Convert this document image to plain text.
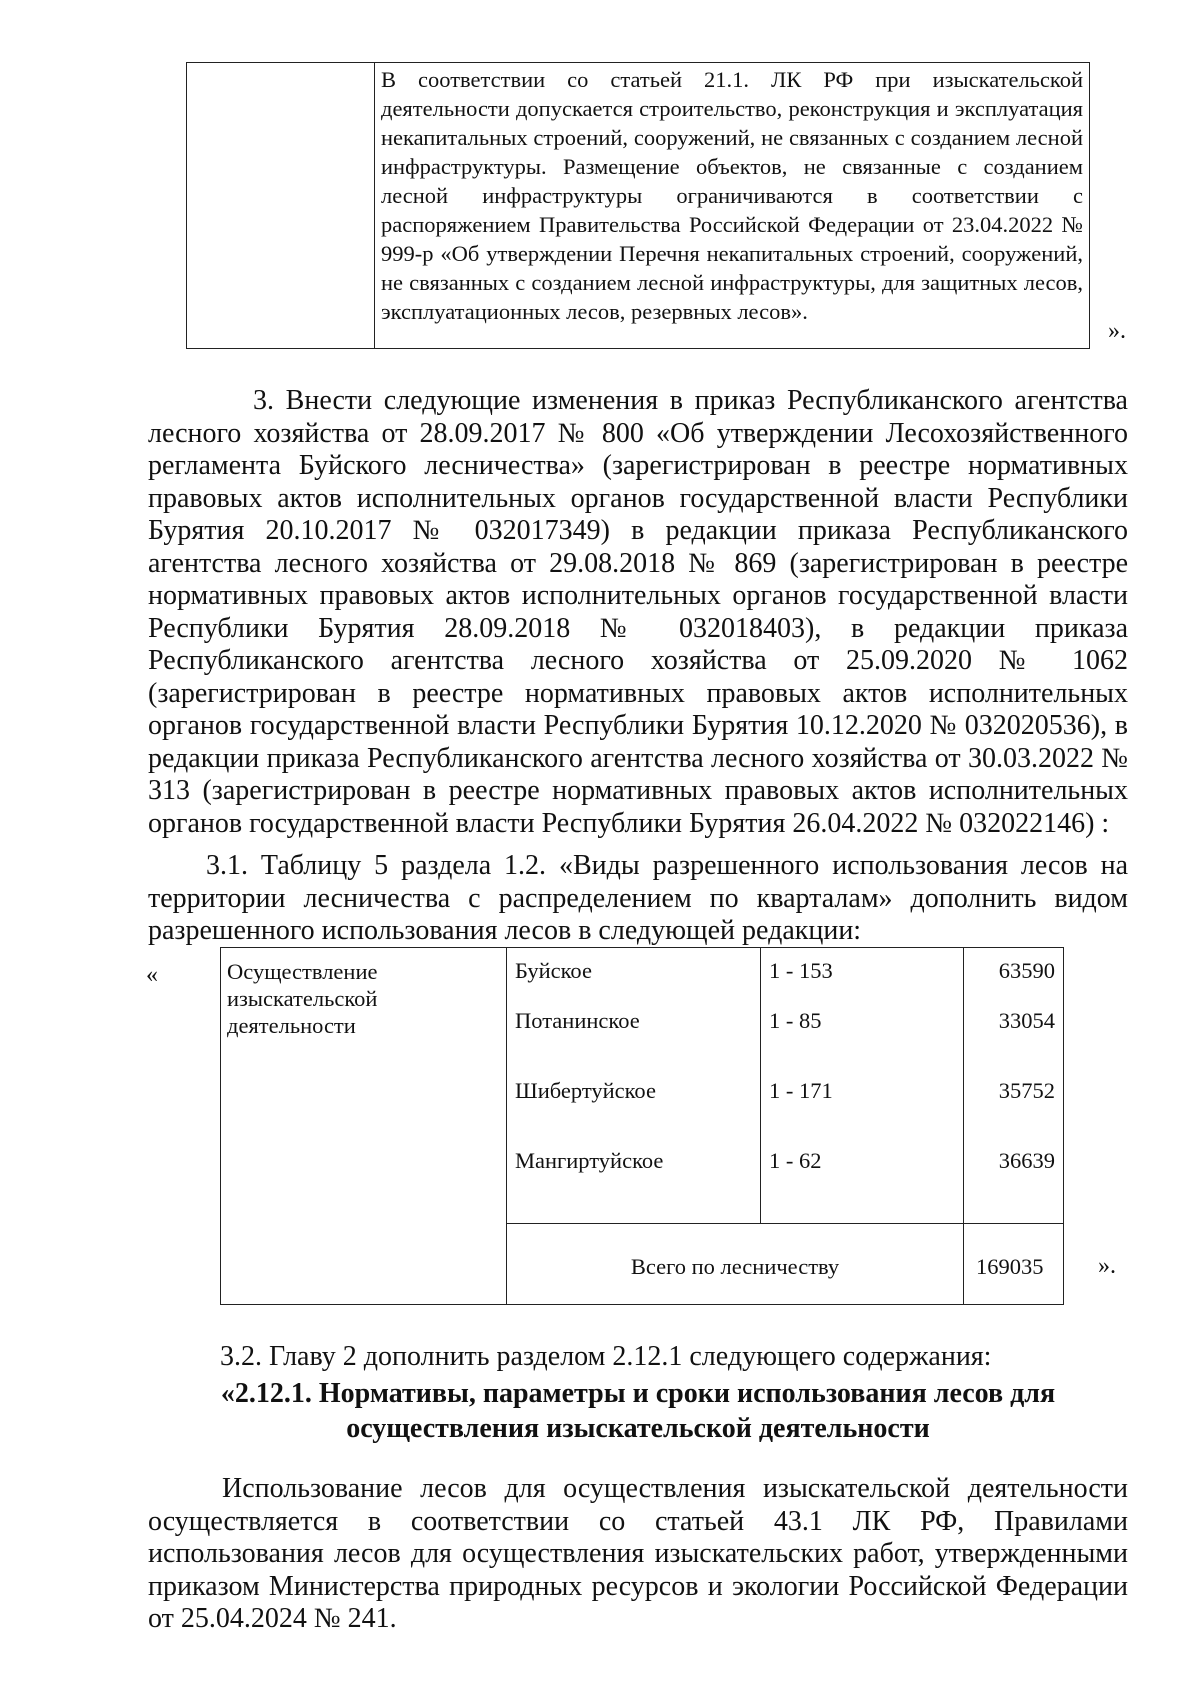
В соответствии со статьей 21.1. ЛК РФ при изыскательской деятельности допускается строительство, реконструкция и эксплуатация некапитальных строений, сооружений, не связанных с созданием лесной инфраструктуры. Размещение объектов, не связанные с созданием лесной инфраструктуры ограничиваются в соответствии с распоряжением Правительства Российской Федерации от 23.04.2022 № 999-р «Об утверждении Перечня некапитальных строений, сооружений, не связанных с созданием лесной инфраструктуры, для защитных лесов, эксплуатационных лесов, резервных лесов».
».
3. Внести следующие изменения в приказ Республиканского агентства лесного хозяйства от 28.09.2017 № 800 «Об утверждении Лесохозяйственного регламента Буйского лесничества» (зарегистрирован в реестре нормативных правовых актов исполнительных органов государственной власти Республики Бурятия 20.10.2017 № 032017349) в редакции приказа Республиканского агентства лесного хозяйства от 29.08.2018 № 869 (зарегистрирован в реестре нормативных правовых актов исполнительных органов государственной власти Республики Бурятия 28.09.2018 № 032018403), в редакции приказа Республиканского агентства лесного хозяйства от 25.09.2020 № 1062 (зарегистрирован в реестре нормативных правовых актов исполнительных органов государственной власти Республики Бурятия 10.12.2020 № 032020536), в редакции приказа Республиканского агентства лесного хозяйства от 30.03.2022 № 313 (зарегистрирован в реестре нормативных правовых актов исполнительных органов государственной власти Республики Бурятия 26.04.2022 № 032022146) :
3.1. Таблицу 5 раздела 1.2. «Виды разрешенного использования лесов на территории лесничества с распределением по кварталам» дополнить видом разрешенного использования лесов в следующей редакции:
«	Осуществление изыскательской деятельности
Буйское	1 - 153	63590
Потанинское	1 - 85	33054
Шибертуйское	1 - 171	35752
Мангиртуйское	1 - 62	36639
Всего по лесничеству	169035	».
3.2. Главу 2 дополнить разделом 2.12.1 следующего содержания:
«2.12.1. Нормативы, параметры и сроки использования лесов для осуществления изыскательской деятельности
Использование лесов для осуществления изыскательской деятельности осуществляется в соответствии со статьей 43.1 ЛК РФ, Правилами использования лесов для осуществления изыскательских работ, утвержденными приказом Министерства природных ресурсов и экологии Российской Федерации от 25.04.2024 № 241.
